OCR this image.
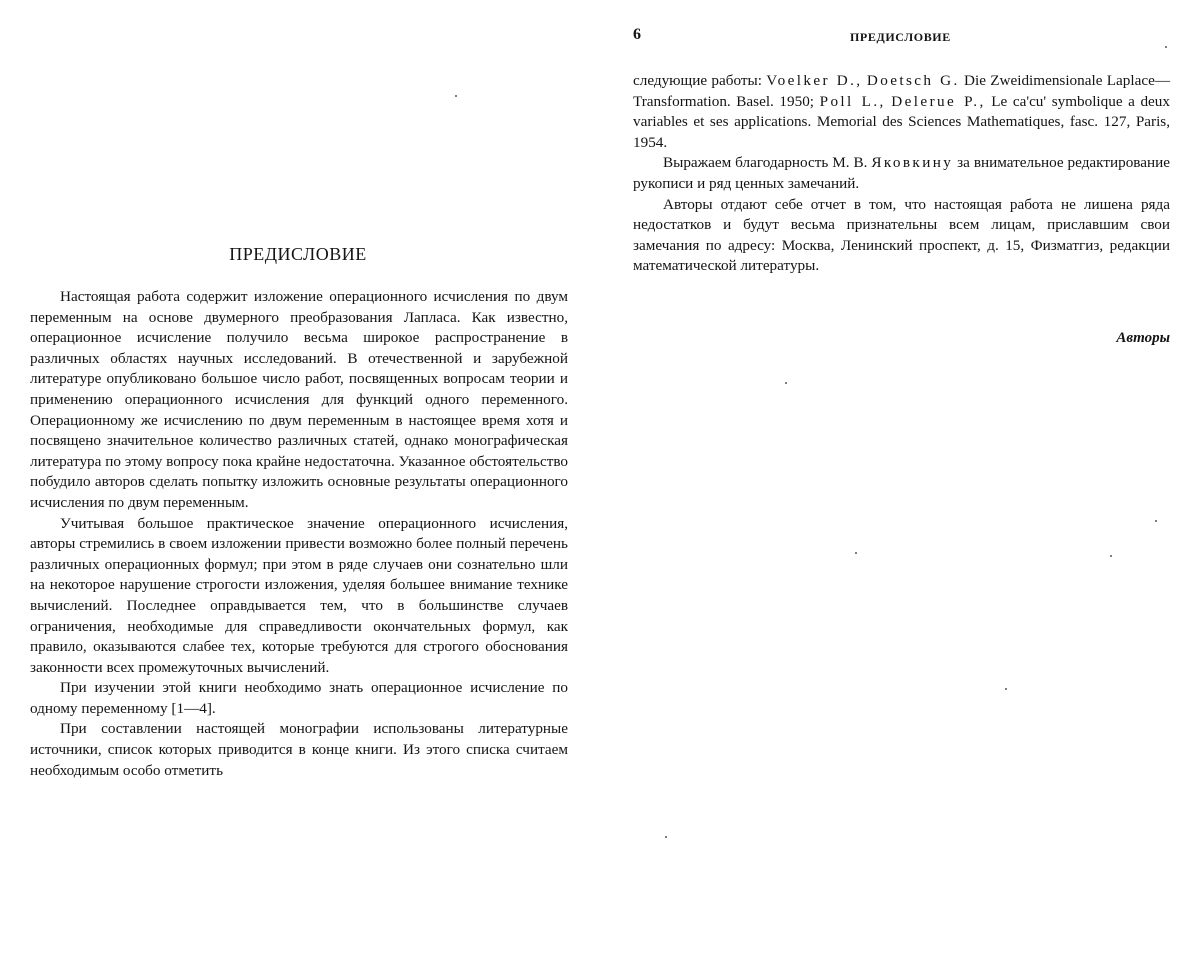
ПРЕДИСЛОВИЕ

Настоящая работа содержит изложение операционного исчисления по двум переменным на основе двумерного преобразования Лапласа. Как известно, операционное исчисление получило весьма широкое распространение в различных областях научных исследований. В отечественной и зарубежной литературе опубликовано большое число работ, посвященных вопросам теории и применению операционного исчисления для функций одного переменного. Операционному же исчислению по двум переменным в настоящее время хотя и посвящено значительное количество различных статей, однако монографическая литература по этому вопросу пока крайне недостаточна. Указанное обстоятельство побудило авторов сделать попытку изложить основные результаты операционного исчисления по двум переменным.

Учитывая большое практическое значение операционного исчисления, авторы стремились в своем изложении привести возможно более полный перечень различных операционных формул; при этом в ряде случаев они сознательно шли на некоторое нарушение строгости изложения, уделяя большее внимание технике вычислений. Последнее оправдывается тем, что в большинстве случаев ограничения, необходимые для справедливости окончательных формул, как правило, оказываются слабее тех, которые требуются для строгого обоснования законности всех промежуточных вычислений.

При изучении этой книги необходимо знать операционное исчисление по одному переменному [1—4].

При составлении настоящей монографии использованы литературные источники, список которых приводится в конце книги. Из этого списка считаем необходимым особо отметить

6	ПРЕДИСЛОВИЕ

следующие работы: Voelker D., Doetsch G. Die Zweidimensionale Laplace—Transformation. Basel. 1950; Poll L., Delerue P., Le ca'cu' symbolique a deux variables et ses applications. Memorial des Sciences Mathematiques, fasc. 127, Paris, 1954.

Выражаем благодарность М. В. Яковкину за внимательное редактирование рукописи и ряд ценных замечаний.

Авторы отдают себе отчет в том, что настоящая работа не лишена ряда недостатков и будут весьма признательны всем лицам, приславшим свои замечания по адресу: Москва, Ленинский проспект, д. 15, Физматгиз, редакции математической литературы.

Авторы
